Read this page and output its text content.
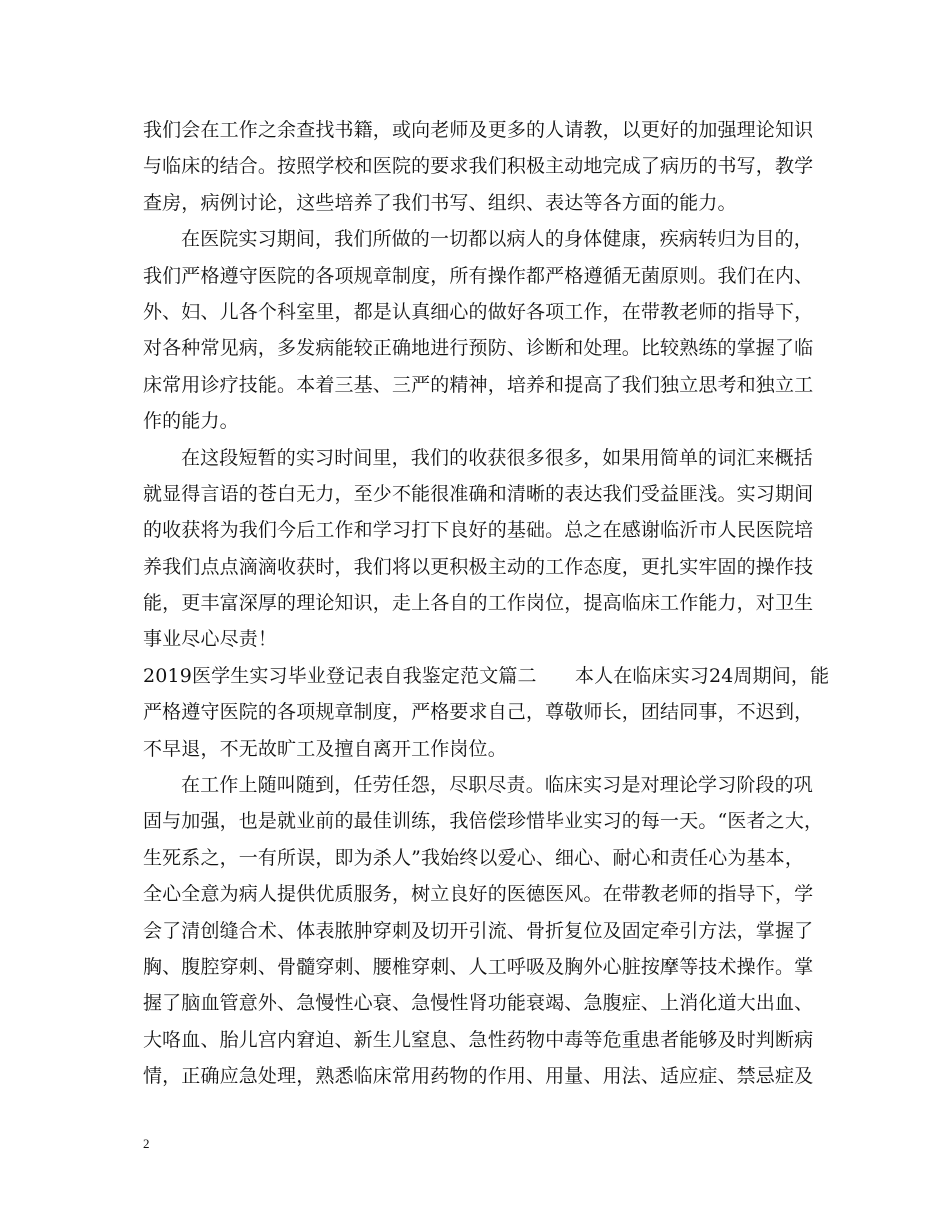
我们会在工作之余查找书籍，或向老师及更多的人请教，以更好的加强理论知识
与临床的结合。按照学校和医院的要求我们积极主动地完成了病历的书写，教学
查房，病例讨论，这些培养了我们书写、组织、表达等各方面的能力。
在医院实习期间，我们所做的一切都以病人的身体健康，疾病转归为目的，
我们严格遵守医院的各项规章制度，所有操作都严格遵循无菌原则。我们在内、
外、妇、儿各个科室里，都是认真细心的做好各项工作，在带教老师的指导下，
对各种常见病，多发病能较正确地进行预防、诊断和处理。比较熟练的掌握了临
床常用诊疗技能。本着三基、三严的精神，培养和提高了我们独立思考和独立工
作的能力。
在这段短暂的实习时间里，我们的收获很多很多，如果用简单的词汇来概括
就显得言语的苍白无力，至少不能很准确和清晰的表达我们受益匪浅。实习期间
的收获将为我们今后工作和学习打下良好的基础。总之在感谢临沂市人民医院培
养我们点点滴滴收获时，我们将以更积极主动的工作态度，更扎实牢固的操作技
能，更丰富深厚的理论知识，走上各自的工作岗位，提高临床工作能力，对卫生
事业尽心尽责！
2019医学生实习毕业登记表自我鉴定范文篇二　　本人在临床实习24周期间，能
严格遵守医院的各项规章制度，严格要求自己，尊敬师长，团结同事，不迟到，
不早退，不无故旷工及擅自离开工作岗位。
在工作上随叫随到，任劳任怨，尽职尽责。临床实习是对理论学习阶段的巩
固与加强，也是就业前的最佳训练，我倍偿珍惜毕业实习的每一天。“医者之大，
生死系之，一有所误，即为杀人”我始终以爱心、细心、耐心和责任心为基本，
全心全意为病人提供优质服务，树立良好的医德医风。在带教老师的指导下，学
会了清创缝合术、体表脓肿穿刺及切开引流、骨折复位及固定牵引方法，掌握了
胸、腹腔穿刺、骨髓穿刺、腰椎穿刺、人工呼吸及胸外心脏按摩等技术操作。掌
握了脑血管意外、急慢性心衰、急慢性肾功能衰竭、急腹症、上消化道大出血、
大咯血、胎儿宫内窘迫、新生儿窒息、急性药物中毒等危重患者能够及时判断病
情，正确应急处理，熟悉临床常用药物的作用、用量、用法、适应症、禁忌症及
2
